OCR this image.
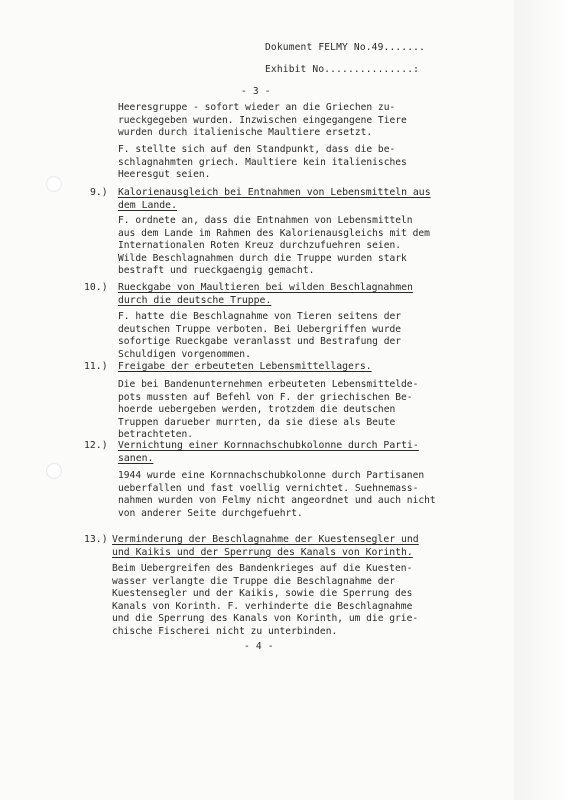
Dokument FELMY No.49.......
Exhibit No...............:
- 3 -
Heeresgruppe - sofort wieder an die Griechen zu-
rueckgegeben wurden. Inzwischen eingegangene Tiere
wurden durch italienische Maultiere ersetzt.
F. stellte sich auf den Standpunkt, dass die be-
schlagnahmten griech. Maultiere kein italienisches
Heeresgut seien.
9.) Kalorienausgleich bei Entnahmen von Lebensmitteln aus
dem Lande.
F. ordnete an, dass die Entnahmen von Lebensmitteln
aus dem Lande im Rahmen des Kalorienausgleichs mit dem
Internationalen Roten Kreuz durchzufuehren seien.
Wilde Beschlagnahmen durch die Truppe wurden stark
bestraft und rueckgaengig gemacht.
10.) Rueckgabe von Maultieren bei wilden Beschlagnahmen
durch die deutsche Truppe.
F. hatte die Beschlagnahme von Tieren seitens der
deutschen Truppe verboten. Bei Uebergriffen wurde
sofortige Rueckgabe veranlasst und Bestrafung der
Schuldigen vorgenommen.
11.) Freigabe der erbeuteten Lebensmittellagers.
Die bei Bandenunternehmen erbeuteten Lebensmittelde-
pots mussten auf Befehl von F. der griechischen Be-
hoerde uebergeben werden, trotzdem die deutschen
Truppen darueber murrten, da sie diese als Beute
betrachteten.
12.) Vernichtung einer Kornnachschubkolonne durch Parti-
sanen.
1944 wurde eine Kornnachschubkolonne durch Partisanen
ueberfallen und fast voellig vernichtet. Suehnemass-
nahmen wurden von Felmy nicht angeordnet und auch nicht
von anderer Seite durchgefuehrt.
13.) Verminderung der Beschlagnahme der Kuestensegler und
und Kaikis und der Sperrung des Kanals von Korinth.
Beim Uebergreifen des Bandenkrieges auf die Kuesten-
wasser verlangte die Truppe die Beschlagnahme der
Kuestensegler und der Kaikis, sowie die Sperrung des
Kanals von Korinth. F. verhinderte die Beschlagnahme
und die Sperrung des Kanals von Korinth, um die grie-
chische Fischerei nicht zu unterbinden.
- 4 -
